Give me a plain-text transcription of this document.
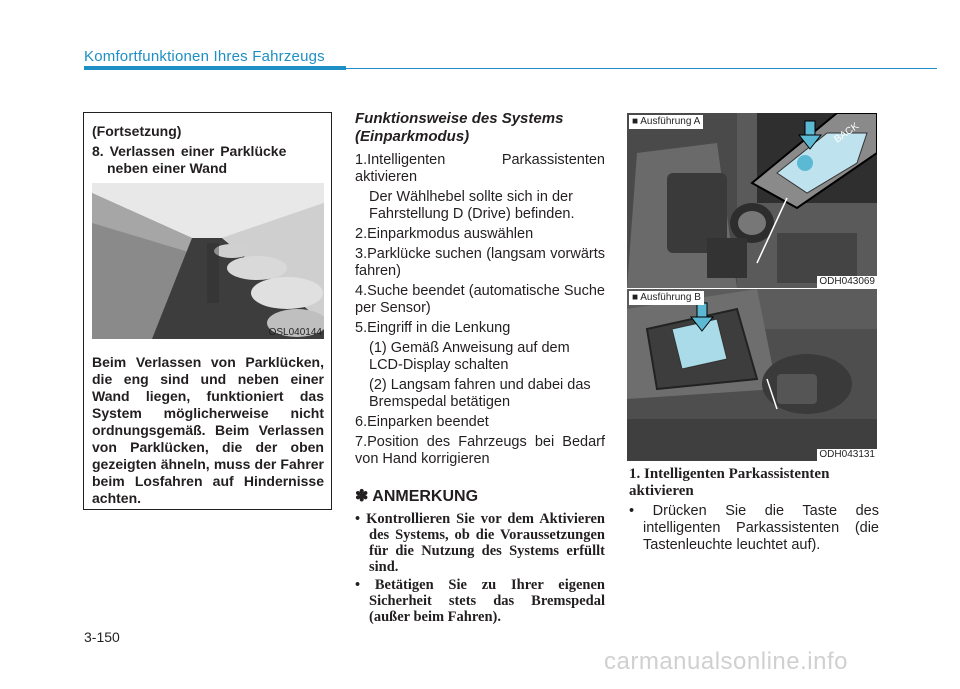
Komfortfunktionen Ihres Fahrzeugs
(Fortsetzung)
8. Verlassen einer Parklücke
neben einer Wand
OSL040144
Beim Verlassen von Parklücken, die eng sind und neben einer Wand liegen, funktioniert das System möglicherweise nicht ordnungsgemäß. Beim Verlassen von Parklücken, die der oben gezeigten ähneln, muss der Fahrer beim Losfahren auf Hindernisse achten.
Funktionsweise des Systems (Einparkmodus)
1.Intelligenten Parkassistenten aktivieren
Der Wählhebel sollte sich in der Fahrstellung D (Drive) befinden.
2.Einparkmodus auswählen
3.Parklücke suchen (langsam vorwärts fahren)
4.Suche beendet (automatische Suche per Sensor)
5.Eingriff in die Lenkung
(1) Gemäß Anweisung auf dem LCD-Display schalten
(2) Langsam fahren und dabei das Bremspedal betätigen
6.Einparken beendet
7.Position des Fahrzeugs bei Bedarf von Hand korrigieren
✽ ANMERKUNG
• Kontrollieren Sie vor dem Aktivieren des Systems, ob die Voraussetzungen für die Nutzung des Systems erfüllt sind.
• Betätigen Sie zu Ihrer eigenen Sicherheit stets das Bremspedal (außer beim Fahren).
BACK
■ Ausführung A
ODH043069
■ Ausführung B
ODH043131
1. Intelligenten Parkassistenten
aktivieren
• Drücken Sie die Taste des intelligenten Parkassistenten (die Tastenleuchte leuchtet auf).
3-150
carmanualsonline.info
